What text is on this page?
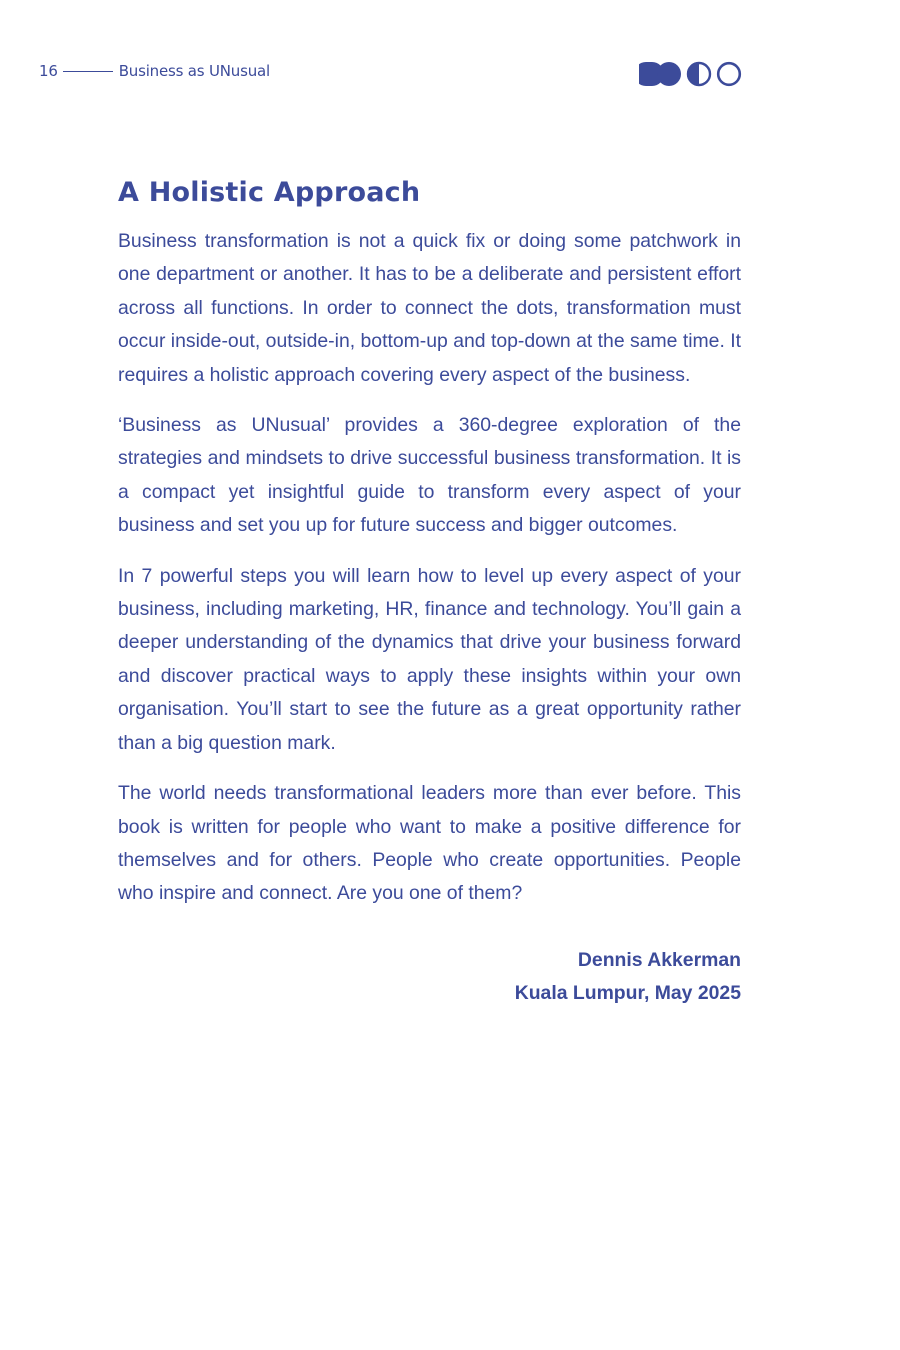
16	Business as UNusual
A Holistic Approach

Business transformation is not a quick fix or doing some patchwork in one department or another. It has to be a deliberate and persistent effort across all functions. In order to connect the dots, transformation must occur inside-out, outside-in, bottom-up and top-down at the same time. It requires a holistic approach covering every aspect of the business.

‘Business as UNusual’ provides a 360-degree exploration of the strategies and mindsets to drive successful business transformation. It is a compact yet insightful guide to transform every aspect of your business and set you up for future success and bigger outcomes.

In 7 powerful steps you will learn how to level up every aspect of your business, including marketing, HR, finance and technology. You’ll gain a deeper understanding of the dynamics that drive your business forward and discover practical ways to apply these insights within your own organisation. You’ll start to see the future as a great opportunity rather than a big question mark.

The world needs transformational leaders more than ever before. This book is written for people who want to make a positive difference for themselves and for others. People who create opportunities. People who inspire and connect. Are you one of them?

Dennis Akkerman
Kuala Lumpur, May 2025
